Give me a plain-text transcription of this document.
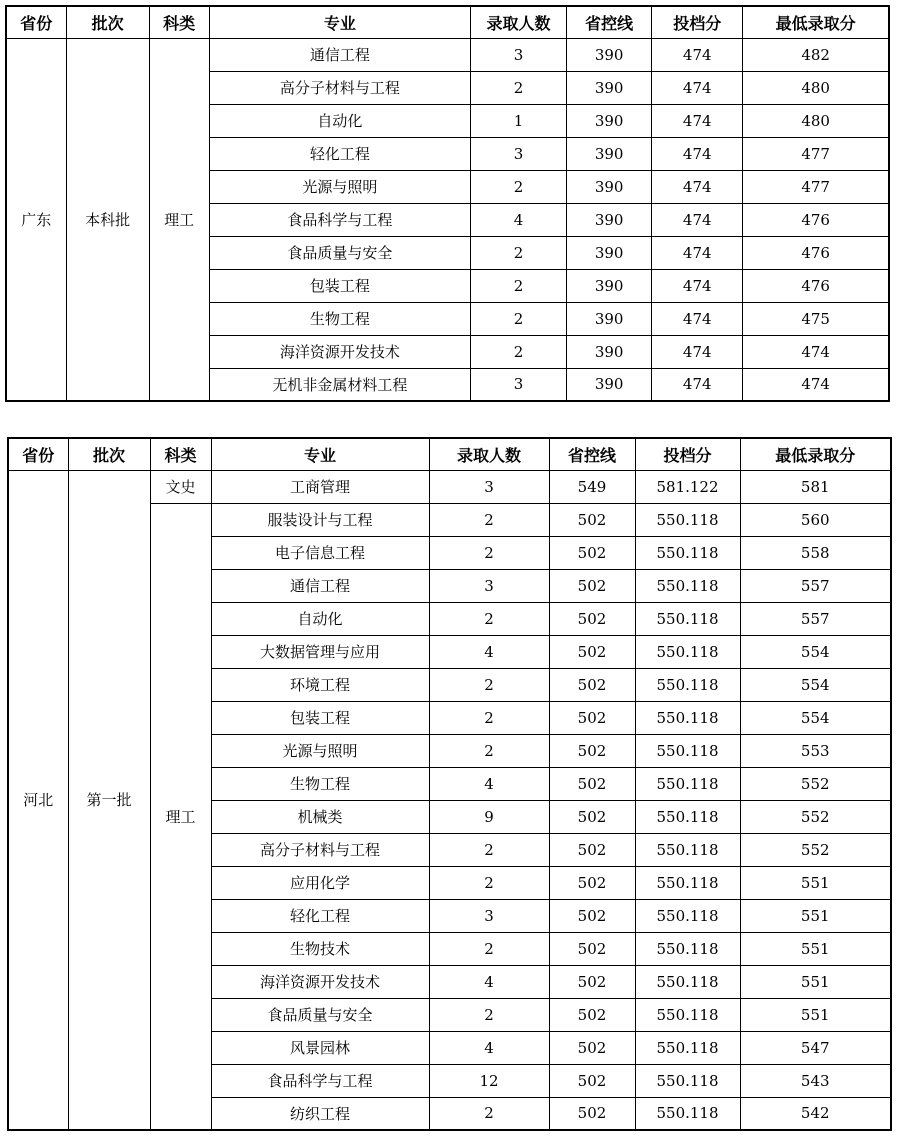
省份	批次	科类	专业	录取人数	省控线	投档分	最低录取分
广东	本科批	理工	通信工程	3	390	474	482
			高分子材料与工程	2	390	474	480
			自动化	1	390	474	480
			轻化工程	3	390	474	477
			光源与照明	2	390	474	477
			食品科学与工程	4	390	474	476
			食品质量与安全	2	390	474	476
			包装工程	2	390	474	476
			生物工程	2	390	474	475
			海洋资源开发技术	2	390	474	474
			无机非金属材料工程	3	390	474	474
省份	批次	科类	专业	录取人数	省控线	投档分	最低录取分
河北	第一批	文史	工商管理	3	549	581.122	581
		理工	服装设计与工程	2	502	550.118	560
			电子信息工程	2	502	550.118	558
			通信工程	3	502	550.118	557
			自动化	2	502	550.118	557
			大数据管理与应用	4	502	550.118	554
			环境工程	2	502	550.118	554
			包装工程	2	502	550.118	554
			光源与照明	2	502	550.118	553
			生物工程	4	502	550.118	552
			机械类	9	502	550.118	552
			高分子材料与工程	2	502	550.118	552
			应用化学	2	502	550.118	551
			轻化工程	3	502	550.118	551
			生物技术	2	502	550.118	551
			海洋资源开发技术	4	502	550.118	551
			食品质量与安全	2	502	550.118	551
			风景园林	4	502	550.118	547
			食品科学与工程	12	502	550.118	543
			纺织工程	2	502	550.118	542
